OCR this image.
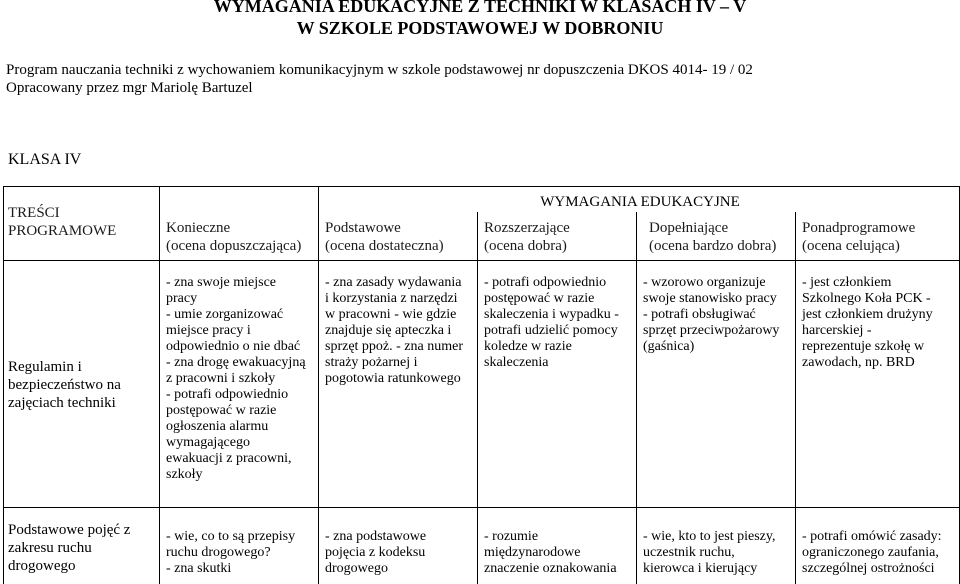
WYMAGANIA EDUKACYJNE Z TECHNIKI W KLASACH IV – V
W SZKOLE PODSTAWOWEJ W DOBRONIU
Program nauczania techniki z wychowaniem komunikacyjnym w szkole podstawowej nr dopuszczenia DKOS 4014- 19 / 02
Opracowany przez mgr Mariolę Bartuzel
KLASA IV
TREŚCI
PROGRAMOWE
WYMAGANIA EDUKACYJNE
Konieczne
(ocena dopuszczająca)
Podstawowe
(ocena dostateczna)
Rozszerzające
(ocena dobra)
Dopełniające
(ocena bardzo dobra)
Ponadprogramowe
(ocena celująca)
Regulamin i
bezpieczeństwo na
zajęciach techniki
- zna swoje miejsce
pracy
- umie zorganizować
miejsce pracy i
odpowiednio o nie dbać
- zna drogę ewakuacyjną
z pracowni i szkoły
- potrafi odpowiednio
postępować w razie
ogłoszenia alarmu
wymagającego
ewakuacji z pracowni,
szkoły
- zna zasady wydawania
i korzystania z narzędzi
w pracowni - wie gdzie
znajduje się apteczka i
sprzęt ppoż. - zna numer
straży pożarnej i
pogotowia ratunkowego
- potrafi odpowiednio
postępować w razie
skaleczenia i wypadku -
potrafi udzielić pomocy
koledze w razie
skaleczenia
- wzorowo organizuje
swoje stanowisko pracy
- potrafi obsługiwać
sprzęt przeciwpożarowy
(gaśnica)
- jest członkiem
Szkolnego Koła PCK -
jest członkiem drużyny
harcerskiej -
reprezentuje szkołę w
zawodach, np. BRD
Podstawowe pojęć z
zakresu ruchu
drogowego
- wie, co to są przepisy
ruchu drogowego?
- zna skutki
- zna podstawowe
pojęcia z kodeksu
drogowego
- rozumie
międzynarodowe
znaczenie oznakowania
- wie, kto to jest pieszy,
uczestnik ruchu,
kierowca i kierujący
- potrafi omówić zasady:
ograniczonego zaufania,
szczególnej ostrożności
